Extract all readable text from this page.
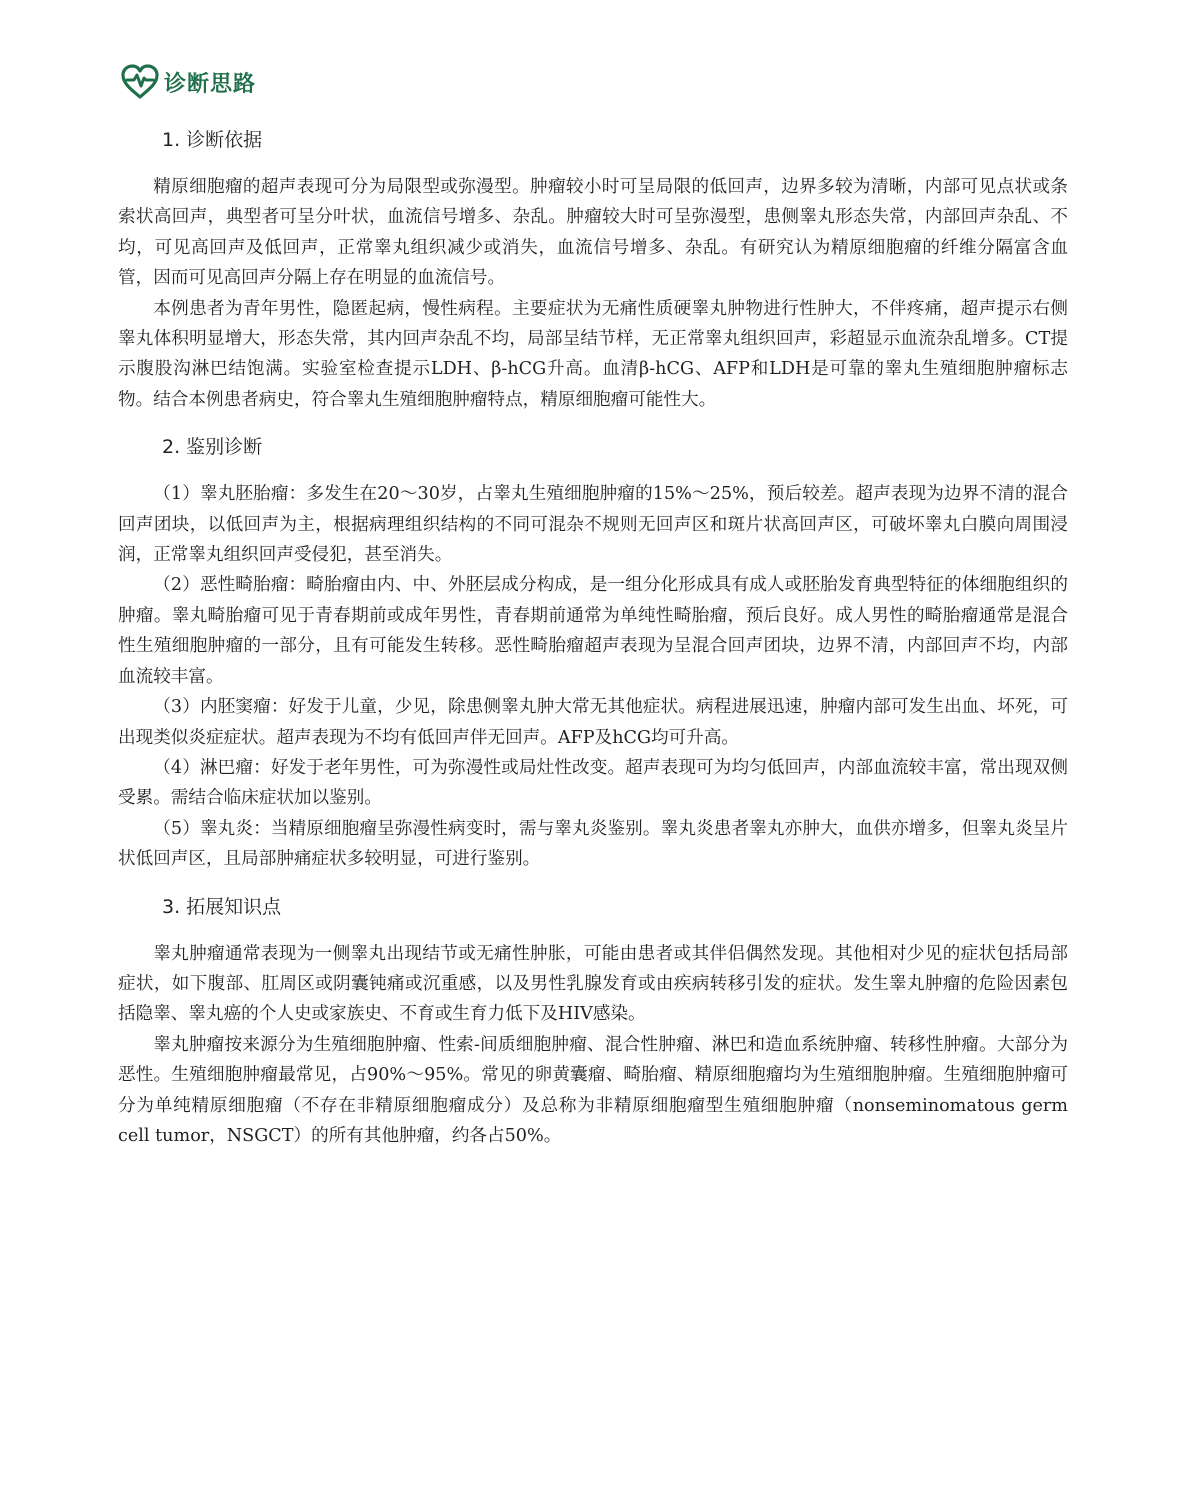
诊断思路
1. 诊断依据

精原细胞瘤的超声表现可分为局限型或弥漫型。肿瘤较小时可呈局限的低回声，边界多较为清晰，内部可见点状或条索状高回声，典型者可呈分叶状，血流信号增多、杂乱。肿瘤较大时可呈弥漫型，患侧睾丸形态失常，内部回声杂乱、不均，可见高回声及低回声，正常睾丸组织减少或消失，血流信号增多、杂乱。有研究认为精原细胞瘤的纤维分隔富含血管，因而可见高回声分隔上存在明显的血流信号。

本例患者为青年男性，隐匿起病，慢性病程。主要症状为无痛性质硬睾丸肿物进行性肿大，不伴疼痛，超声提示右侧睾丸体积明显增大，形态失常，其内回声杂乱不均，局部呈结节样，无正常睾丸组织回声，彩超显示血流杂乱增多。CT提示腹股沟淋巴结饱满。实验室检查提示LDH、β-hCG升高。血清β-hCG、AFP和LDH是可靠的睾丸生殖细胞肿瘤标志物。结合本例患者病史，符合睾丸生殖细胞肿瘤特点，精原细胞瘤可能性大。

2. 鉴别诊断

（1）睾丸胚胎瘤：多发生在20～30岁，占睾丸生殖细胞肿瘤的15%～25%，预后较差。超声表现为边界不清的混合回声团块，以低回声为主，根据病理组织结构的不同可混杂不规则无回声区和斑片状高回声区，可破坏睾丸白膜向周围浸润，正常睾丸组织回声受侵犯，甚至消失。

（2）恶性畸胎瘤：畸胎瘤由内、中、外胚层成分构成，是一组分化形成具有成人或胚胎发育典型特征的体细胞组织的肿瘤。睾丸畸胎瘤可见于青春期前或成年男性，青春期前通常为单纯性畸胎瘤，预后良好。成人男性的畸胎瘤通常是混合性生殖细胞肿瘤的一部分，且有可能发生转移。恶性畸胎瘤超声表现为呈混合回声团块，边界不清，内部回声不均，内部血流较丰富。

（3）内胚窦瘤：好发于儿童，少见，除患侧睾丸肿大常无其他症状。病程进展迅速，肿瘤内部可发生出血、坏死，可出现类似炎症症状。超声表现为不均有低回声伴无回声。AFP及hCG均可升高。

（4）淋巴瘤：好发于老年男性，可为弥漫性或局灶性改变。超声表现可为均匀低回声，内部血流较丰富，常出现双侧受累。需结合临床症状加以鉴别。

（5）睾丸炎：当精原细胞瘤呈弥漫性病变时，需与睾丸炎鉴别。睾丸炎患者睾丸亦肿大，血供亦增多，但睾丸炎呈片状低回声区，且局部肿痛症状多较明显，可进行鉴别。

3. 拓展知识点

睾丸肿瘤通常表现为一侧睾丸出现结节或无痛性肿胀，可能由患者或其伴侣偶然发现。其他相对少见的症状包括局部症状，如下腹部、肛周区或阴囊钝痛或沉重感，以及男性乳腺发育或由疾病转移引发的症状。发生睾丸肿瘤的危险因素包括隐睾、睾丸癌的个人史或家族史、不育或生育力低下及HIV感染。

睾丸肿瘤按来源分为生殖细胞肿瘤、性索-间质细胞肿瘤、混合性肿瘤、淋巴和造血系统肿瘤、转移性肿瘤。大部分为恶性。生殖细胞肿瘤最常见，占90%～95%。常见的卵黄囊瘤、畸胎瘤、精原细胞瘤均为生殖细胞肿瘤。生殖细胞肿瘤可分为单纯精原细胞瘤（不存在非精原细胞瘤成分）及总称为非精原细胞瘤型生殖细胞肿瘤（nonseminomatous germ cell tumor，NSGCT）的所有其他肿瘤，约各占50%。
